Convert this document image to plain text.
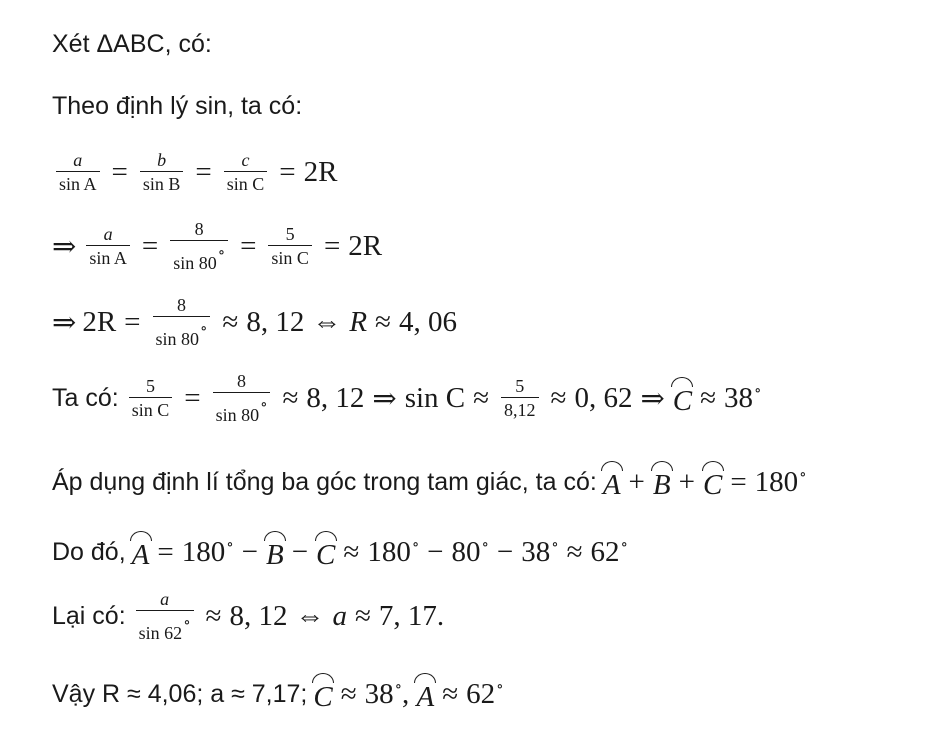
Xét ΔABC, có:
Theo định lý sin, ta có:
$\frac{a}{\text{sin A}} = \frac{b}{\text{sin B}} = \frac{c}{\text{sin C}} = 2R$
⇒ $\frac{a}{\text{sin A}} = \frac{8}{\sin 80^\circ} = \frac{5}{\text{sin C}} = 2R$
⇒ $2R = \frac{8}{\sin 80^\circ} \approx 8$, 12 ⇔ R ≈ 4, 06
Ta có: $\frac{5}{\text{sin C}} = \frac{8}{\sin 80^\circ} \approx 8$, 12 ⇒ $\sin C \approx \frac{5}{8,12} \approx 0$, 62 ⇒ C ≈ 38∘
Áp dụng định lí tổng ba góc trong tam giác, ta có: A + B + C = 180∘
Do đó, A = 180∘ − B − C ≈ 180∘ − 80∘ − 38∘ ≈ 62∘
Lại có: $\frac{a}{\sin 62^\circ} \approx 8$, 12 ⇔ a ≈ 7, 17.
Vậy R ≈ 4,06; a ≈ 7,17; C ≈ 38∘ , A ≈ 62∘
